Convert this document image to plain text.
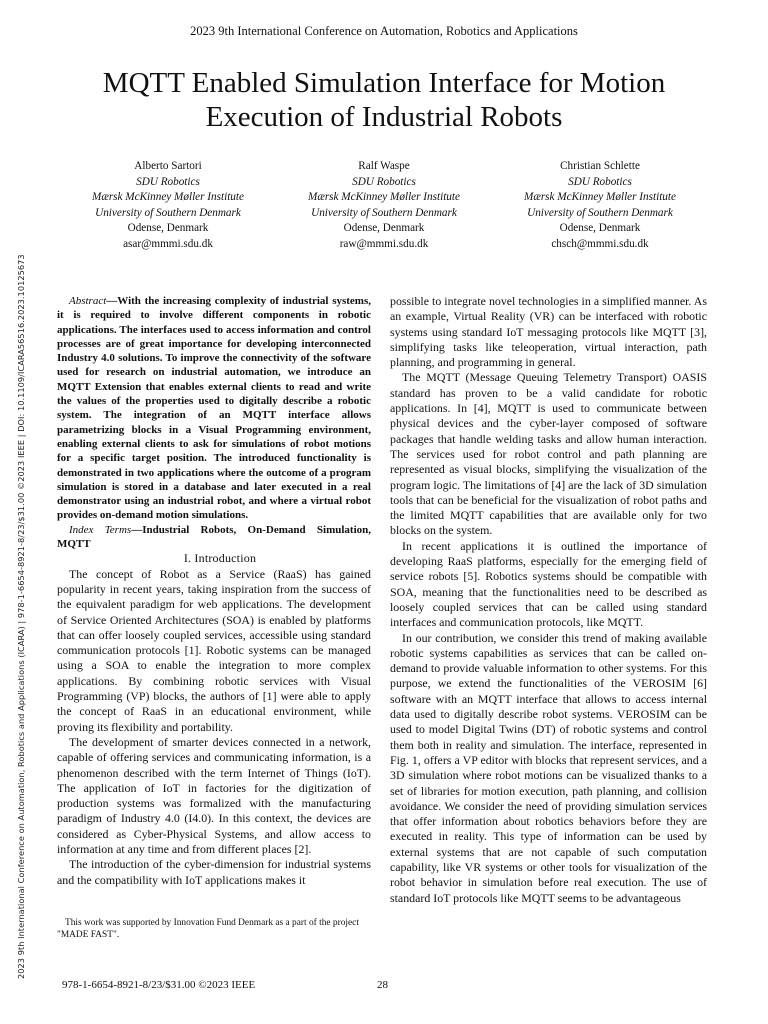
2023 9th International Conference on Automation, Robotics and Applications
MQTT Enabled Simulation Interface for Motion
Execution of Industrial Robots
Alberto Sartori
SDU Robotics
Mærsk McKinney Møller Institute
University of Southern Denmark
Odense, Denmark
asar@mmmi.sdu.dk
Ralf Waspe
SDU Robotics
Mærsk McKinney Møller Institute
University of Southern Denmark
Odense, Denmark
raw@mmmi.sdu.dk
Christian Schlette
SDU Robotics
Mærsk McKinney Møller Institute
University of Southern Denmark
Odense, Denmark
chsch@mmmi.sdu.dk
2023 9th International Conference on Automation, Robotics and Applications (ICARA) | 978-1-6654-8921-8/23/$31.00 ©2023 IEEE | DOI: 10.1109/ICARA56516.2023.10125673	Abstract—With the increasing complexity of industrial systems, it is required to involve different components in robotic applications. The interfaces used to access information and control processes are of great importance for developing interconnected Industry 4.0 solutions. To improve the connectivity of the software used for research on industrial automation, we introduce an MQTT Extension that enables external clients to read and write the values of the properties used to digitally describe a robotic system. The integration of an MQTT interface allows parametrizing blocks in a Visual Programming environment, enabling external clients to ask for simulations of robot motions for a specific target position. The introduced functionality is demonstrated in two applications where the outcome of a program simulation is stored in a database and later executed in a real demonstrator using an industrial robot, and where a virtual robot provides on-demand motion simulations.

Index Terms—Industrial Robots, On-Demand Simulation, MQTT

I. Introduction

The concept of Robot as a Service (RaaS) has gained popularity in recent years, taking inspiration from the success of the equivalent paradigm for web applications. The development of Service Oriented Architectures (SOA) is enabled by platforms that can offer loosely coupled services, accessible using standard communication protocols [1]. Robotic systems can be managed using a SOA to enable the integration to more complex applications. By combining robotic services with Visual Programming (VP) blocks, the authors of [1] were able to apply the concept of RaaS in an educational environment, while proving its flexibility and portability.

The development of smarter devices connected in a network, capable of offering services and communicating information, is a phenomenon described with the term Internet of Things (IoT). The application of IoT in factories for the digitization of production systems was formalized with the manufacturing paradigm of Industry 4.0 (I4.0). In this context, the devices are considered as Cyber-Physical Systems, and allow access to information at any time and from different places [2].

The introduction of the cyber-dimension for industrial systems and the compatibility with IoT applications makes it

This work was supported by Innovation Fund Denmark as a part of the project "MADE FAST".

possible to integrate novel technologies in a simplified manner. As an example, Virtual Reality (VR) can be interfaced with robotic systems using standard IoT messaging protocols like MQTT [3], simplifying tasks like teleoperation, virtual interaction, path planning, and programming in general.

The MQTT (Message Queuing Telemetry Transport) OASIS standard has proven to be a valid candidate for robotic applications. In [4], MQTT is used to communicate between physical devices and the cyber-layer composed of software packages that handle welding tasks and allow human interaction. The services used for robot control and path planning are represented as visual blocks, simplifying the visualization of the program logic. The limitations of [4] are the lack of 3D simulation tools that can be beneficial for the visualization of robot paths and the limited MQTT capabilities that are available only for two blocks on the system.

In recent applications it is outlined the importance of developing RaaS platforms, especially for the emerging field of service robots [5]. Robotics systems should be compatible with SOA, meaning that the functionalities need to be described as loosely coupled services that can be called using standard interfaces and communication protocols, like MQTT.

In our contribution, we consider this trend of making available robotic systems capabilities as services that can be called on-demand to provide valuable information to other systems. For this purpose, we extend the functionalities of the VEROSIM [6] software with an MQTT interface that allows to access internal data used to digitally describe robot systems. VEROSIM can be used to model Digital Twins (DT) of robotic systems and control them both in reality and simulation. The interface, represented in Fig. 1, offers a VP editor with blocks that represent services, and a 3D simulation where robot motions can be visualized thanks to a set of libraries for motion execution, path planning, and collision avoidance. We consider the need of providing simulation services that offer information about robotics behaviors before they are executed in reality. This type of information can be used by external systems that are not capable of such computation capability, like VR systems or other tools for visualization of the robot behavior in simulation before real execution. The use of standard IoT protocols like MQTT seems to be advantageous

978-1-6654-8921-8/23/$31.00 ©2023 IEEE	28
